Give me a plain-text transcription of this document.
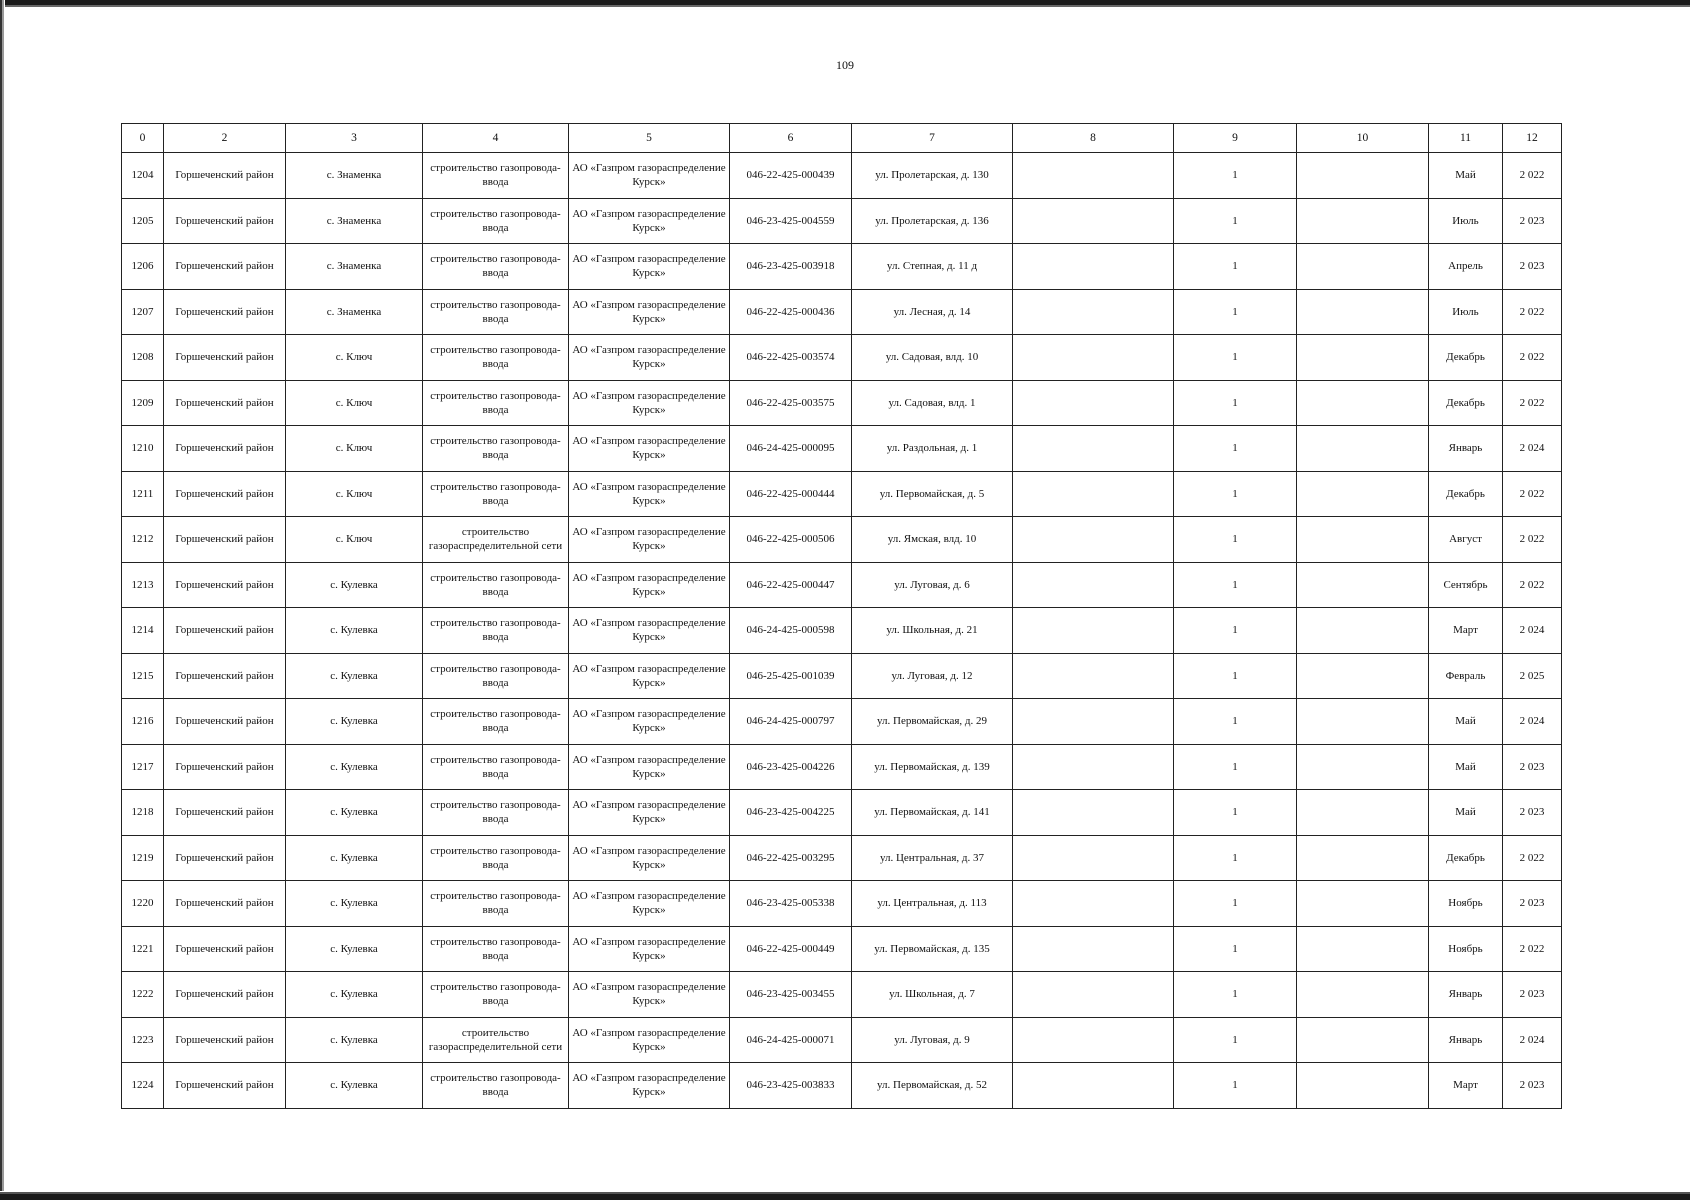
109
0	2	3	4	5	6	7	8	9	10	11	12
1204	Горшеченский район	с. Знаменка	строительство газопровода-ввода	АО «Газпром газораспределение Курск»	046-22-425-000439	ул. Пролетарская, д. 130		1		Май	2 022
1205	Горшеченский район	с. Знаменка	строительство газопровода-ввода	АО «Газпром газораспределение Курск»	046-23-425-004559	ул. Пролетарская, д. 136		1		Июль	2 023
1206	Горшеченский район	с. Знаменка	строительство газопровода-ввода	АО «Газпром газораспределение Курск»	046-23-425-003918	ул. Степная, д. 11 д		1		Апрель	2 023
1207	Горшеченский район	с. Знаменка	строительство газопровода-ввода	АО «Газпром газораспределение Курск»	046-22-425-000436	ул. Лесная, д. 14		1		Июль	2 022
1208	Горшеченский район	с. Ключ	строительство газопровода-ввода	АО «Газпром газораспределение Курск»	046-22-425-003574	ул. Садовая, влд. 10		1		Декабрь	2 022
1209	Горшеченский район	с. Ключ	строительство газопровода-ввода	АО «Газпром газораспределение Курск»	046-22-425-003575	ул. Садовая, влд. 1		1		Декабрь	2 022
1210	Горшеченский район	с. Ключ	строительство газопровода-ввода	АО «Газпром газораспределение Курск»	046-24-425-000095	ул. Раздольная, д. 1		1		Январь	2 024
1211	Горшеченский район	с. Ключ	строительство газопровода-ввода	АО «Газпром газораспределение Курск»	046-22-425-000444	ул. Первомайская, д. 5		1		Декабрь	2 022
1212	Горшеченский район	с. Ключ	строительство газораспределительной сети	АО «Газпром газораспределение Курск»	046-22-425-000506	ул. Ямская, влд. 10		1		Август	2 022
1213	Горшеченский район	с. Кулевка	строительство газопровода-ввода	АО «Газпром газораспределение Курск»	046-22-425-000447	ул. Луговая, д. 6		1		Сентябрь	2 022
1214	Горшеченский район	с. Кулевка	строительство газопровода-ввода	АО «Газпром газораспределение Курск»	046-24-425-000598	ул. Школьная, д. 21		1		Март	2 024
1215	Горшеченский район	с. Кулевка	строительство газопровода-ввода	АО «Газпром газораспределение Курск»	046-25-425-001039	ул. Луговая, д. 12		1		Февраль	2 025
1216	Горшеченский район	с. Кулевка	строительство газопровода-ввода	АО «Газпром газораспределение Курск»	046-24-425-000797	ул. Первомайская, д. 29		1		Май	2 024
1217	Горшеченский район	с. Кулевка	строительство газопровода-ввода	АО «Газпром газораспределение Курск»	046-23-425-004226	ул. Первомайская, д. 139		1		Май	2 023
1218	Горшеченский район	с. Кулевка	строительство газопровода-ввода	АО «Газпром газораспределение Курск»	046-23-425-004225	ул. Первомайская, д. 141		1		Май	2 023
1219	Горшеченский район	с. Кулевка	строительство газопровода-ввода	АО «Газпром газораспределение Курск»	046-22-425-003295	ул. Центральная, д. 37		1		Декабрь	2 022
1220	Горшеченский район	с. Кулевка	строительство газопровода-ввода	АО «Газпром газораспределение Курск»	046-23-425-005338	ул. Центральная, д. 113		1		Ноябрь	2 023
1221	Горшеченский район	с. Кулевка	строительство газопровода-ввода	АО «Газпром газораспределение Курск»	046-22-425-000449	ул. Первомайская, д. 135		1		Ноябрь	2 022
1222	Горшеченский район	с. Кулевка	строительство газопровода-ввода	АО «Газпром газораспределение Курск»	046-23-425-003455	ул. Школьная, д. 7		1		Январь	2 023
1223	Горшеченский район	с. Кулевка	строительство газораспределительной сети	АО «Газпром газораспределение Курск»	046-24-425-000071	ул. Луговая, д. 9		1		Январь	2 024
1224	Горшеченский район	с. Кулевка	строительство газопровода-ввода	АО «Газпром газораспределение Курск»	046-23-425-003833	ул. Первомайская, д. 52		1		Март	2 023
